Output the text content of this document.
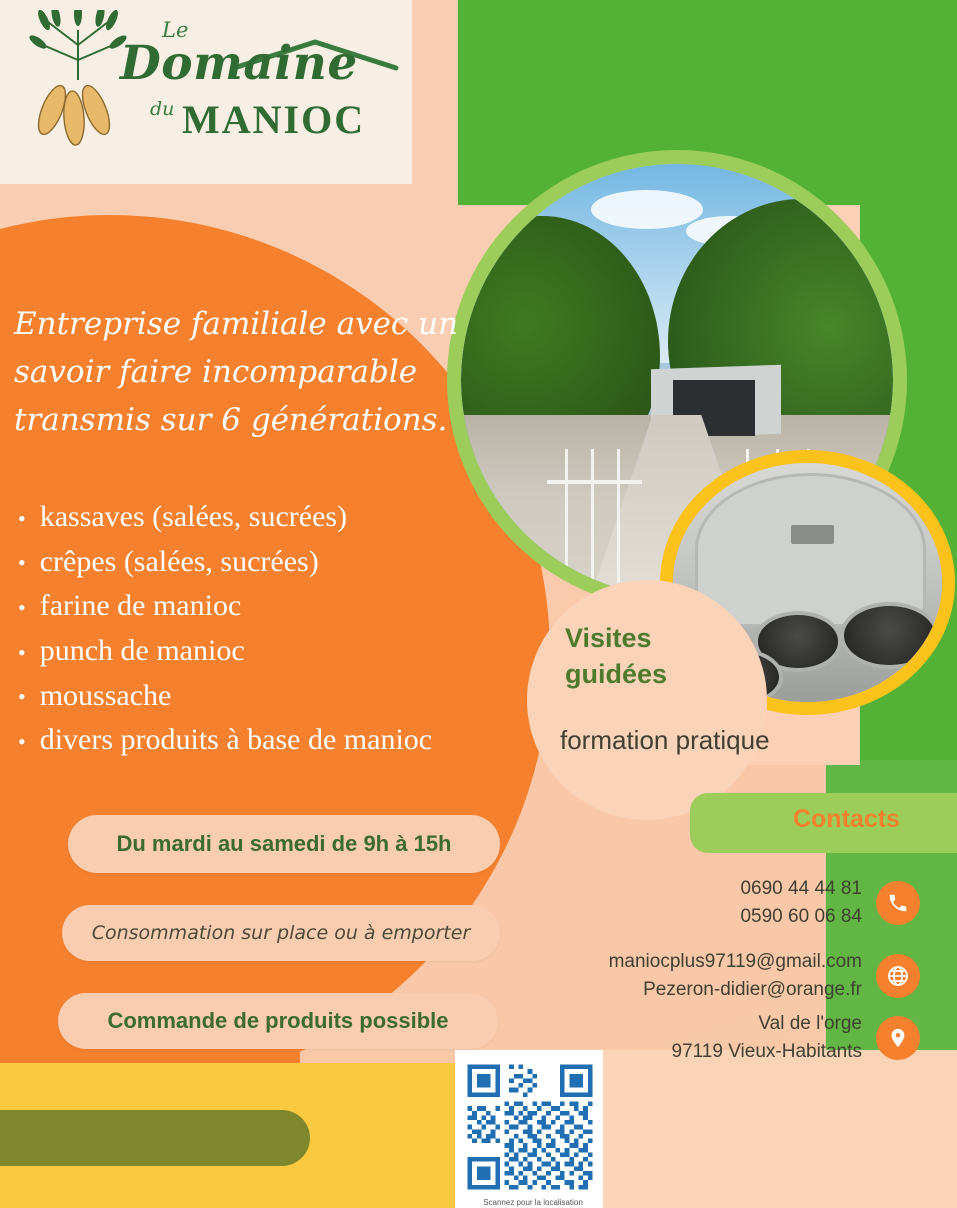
Le
Domaine
du MANIOC
Entreprise familiale avec un savoir faire incomparable transmis sur 6 générations.
• kassaves (salées, sucrées)
• crêpes (salées, sucrées)
• farine de manioc
• punch de manioc
• moussache
• divers produits à base de manioc
Du mardi au samedi de 9h à 15h
Consommation sur place ou à emporter
Commande de produits possible
Visites guidées
formation pratique
Contacts
0690 44 44 81
0590 60 06 84
maniocplus97119@gmail.com
Pezeron-didier@orange.fr
Val de l'orge
97119 Vieux-Habitants
Scannez pour la localisation
